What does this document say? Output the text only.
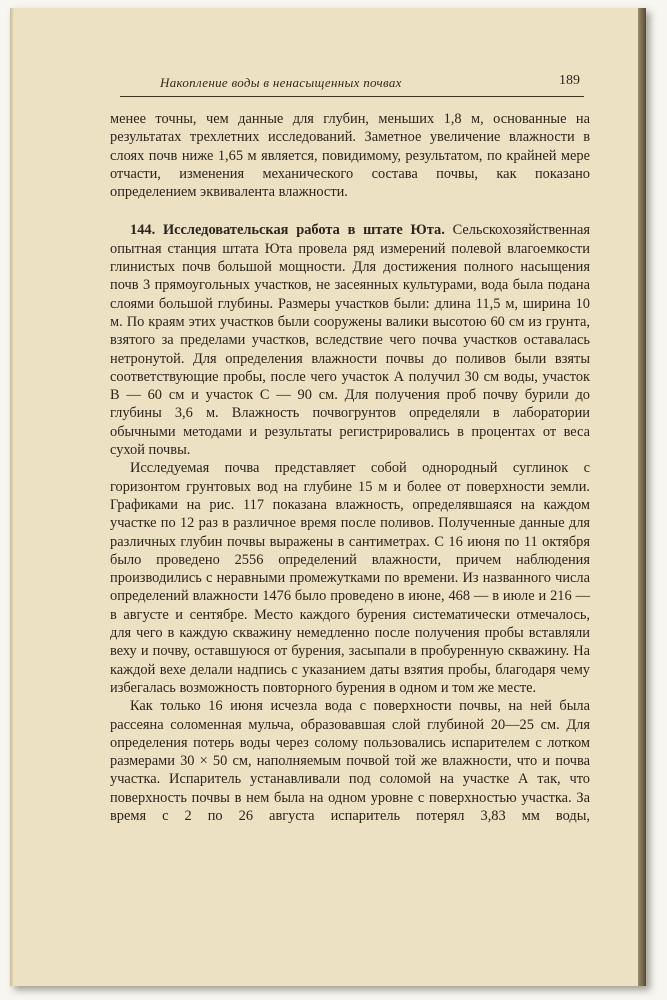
Накопление воды в ненасыщенных почвах	189

менее точны, чем данные для глубин, меньших 1,8 м, основанные на результатах трехлетних исследований. Заметное увеличение влажности в слоях почв ниже 1,65 м является, повидимому, результатом, по крайней мере отчасти, изменения механического состава почвы, как показано определением эквивалента влажности.

144. Исследовательская работа в штате Юта. Сельскохозяйственная опытная станция штата Юта провела ряд измерений полевой влагоемкости глинистых почв большой мощности. Для достижения полного насыщения почв 3 прямоугольных участков, не засеянных культурами, вода была подана слоями большой глубины. Размеры участков были: длина 11,5 м, ширина 10 м. По краям этих участков были сооружены валики высотою 60 см из грунта, взятого за пределами участков, вследствие чего почва участков оставалась нетронутой. Для определения влажности почвы до поливов были взяты соответствующие пробы, после чего участок А получил 30 см воды, участок В — 60 см и участок С — 90 см. Для получения проб почву бурили до глубины 3,6 м. Влажность почвогрунтов определяли в лаборатории обычными методами и результаты регистрировались в процентах от веса сухой почвы.

Исследуемая почва представляет собой однородный суглинок с горизонтом грунтовых вод на глубине 15 м и более от поверхности земли. Графиками на рис. 117 показана влажность, определявшаяся на каждом участке по 12 раз в различное время после поливов. Полученные данные для различных глубин почвы выражены в сантиметрах. С 16 июня по 11 октября было проведено 2556 определений влажности, причем наблюдения производились с неравными промежутками по времени. Из названного числа определений влажности 1476 было проведено в июне, 468 — в июле и 216 — в августе и сентябре. Место каждого бурения систематически отмечалось, для чего в каждую скважину немедленно после получения пробы вставляли веху и почву, оставшуюся от бурения, засыпали в пробуренную скважину. На каждой вехе делали надпись с указанием даты взятия пробы, благодаря чему избегалась возможность повторного бурения в одном и том же месте.

Как только 16 июня исчезла вода с поверхности почвы, на ней была рассеяна соломенная мульча, образовавшая слой глубиной 20—25 см. Для определения потерь воды через солому пользовались испарителем с лотком размерами 30 × 50 см, наполняемым почвой той же влажности, что и почва участка. Испаритель устанавливали под соломой на участке А так, что поверхность почвы в нем была на одном уровне с поверхностью участка. За время с 2 по 26 августа испаритель потерял 3,83 мм воды,
